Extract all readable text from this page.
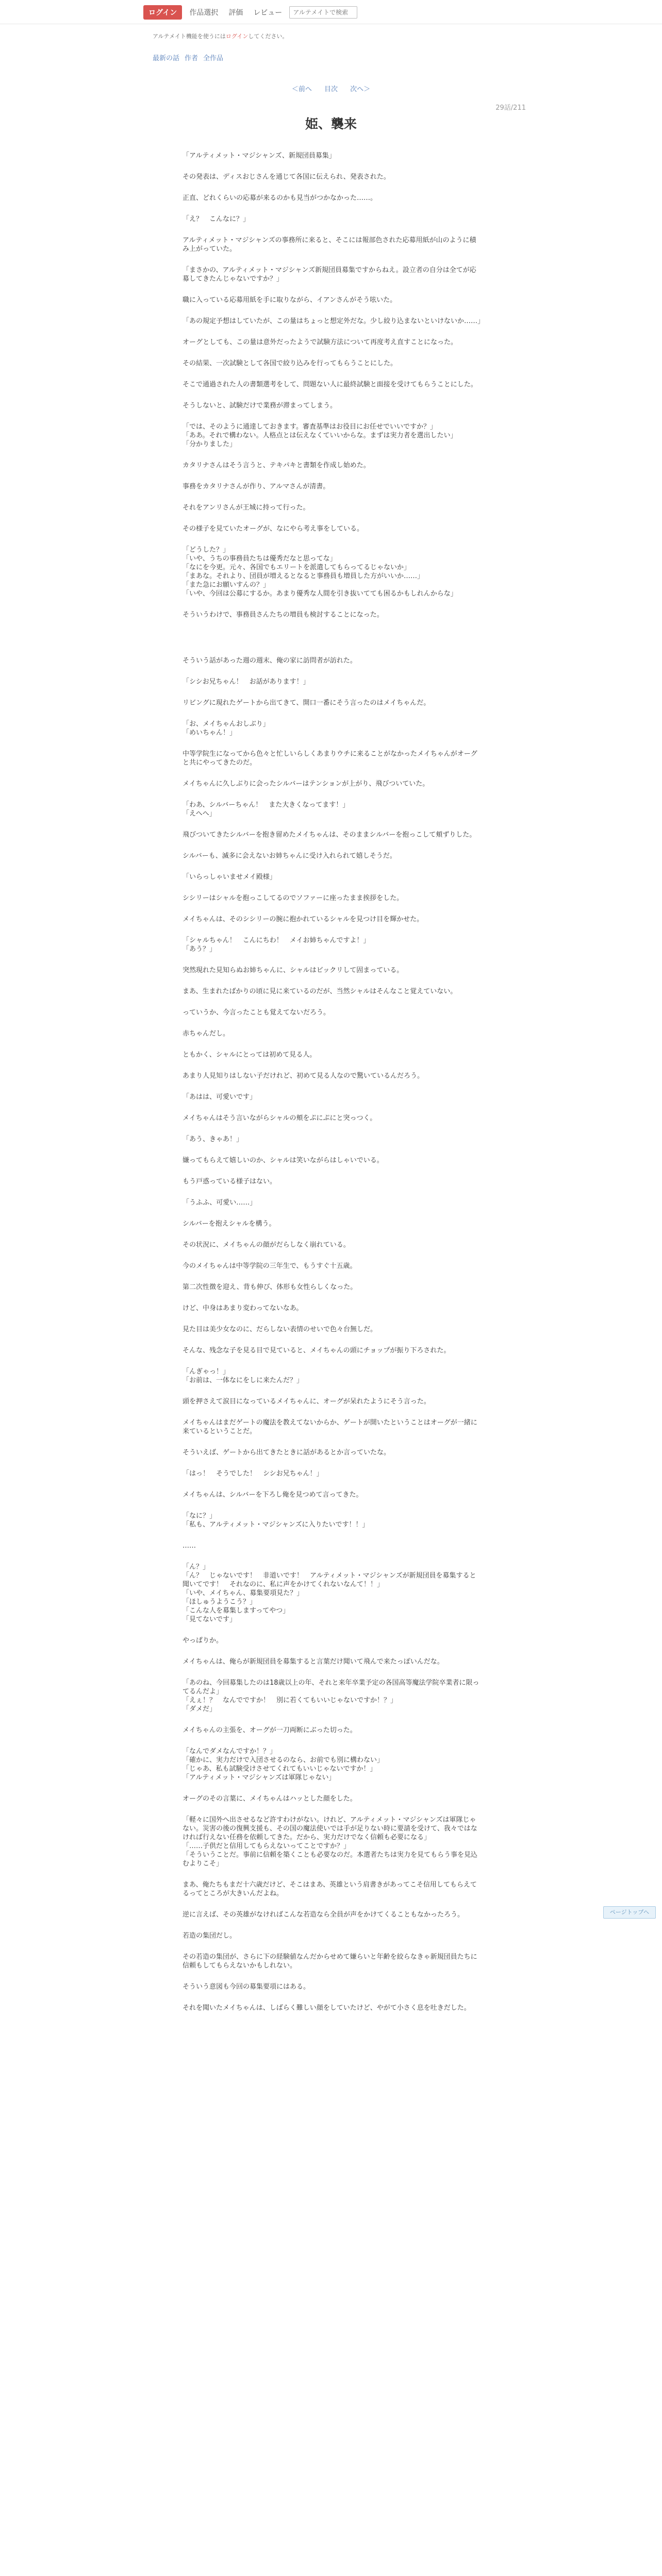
ログイン	作品選択	評価	レビュー
アルテメイトで検索
アルテメイト機能を使うにはログインしてください。
最新の話 作者 全作品
＜前へ 目次 次へ＞
29話/211
姫、襲来

「アルティメット・マジシャンズ、新規団員募集」

その発表は、ディスおじさんを通じて各国に伝えられ、発表された。

正直、どれくらいの応募が来るのかも見当がつかなかった……。

「え？　こんなに？」

アルティメット・マジシャンズの事務所に来ると、そこには報部色された応募用紙が山のように積み上がっていた。

「まさかの、アルティメット・マジシャンズ新規団員募集ですからねえ。設立者の自分は全てが応募してきたんじゃないですか？」

職に入っている応募用紙を手に取りながら、イアンさんがそう呟いた。

「あの規定予想はしていたが、この量はちょっと想定外だな。少し絞り込まないといけないか……」

オーグとしても、この量は意外だったようで試験方法について再度考え直すことになった。

その結果、一次試験として各国で絞り込みを行ってもらうことにした。

そこで通過された人の書類選考をして、問題ない人に最終試験と面接を受けてもらうことにした。

そうしないと、試験だけで業務が滞まってしまう。

「では、そのように通達しておきます。審査基準はお役目にお任せでいいですか？」
「ああ。それで構わない。人格点とは伝えなくていいからな。まずは実力者を選出したい」
「分かりました」

カタリナさんはそう言うと、テキパキと書類を作成し始めた。

事務をカタリナさんが作り、アルマさんが清書。

それをアンリさんが王城に持って行った。

その様子を見ていたオーグが、なにやら考え事をしている。

「どうした？」
「いや、うちの事務員たちは優秀だなと思ってな」
「なにを今更。元々、各国でもエリートを派遣してもらってるじゃないか」
「まあな。それより、団員が増えるとなると事務員も増員した方がいいか……」
「また急にお願いすんの？」
「いや、今回は公募にするか。あまり優秀な人間を引き抜いてても困るかもしれんからな」

そういうわけで、事務員さんたちの増員も検討することになった。

そういう話があった週の週末、俺の家に訪問者が訪れた。

「シシお兄ちゃん！　お話があります！」

リビングに現れたゲートから出てきて、開口一番にそう言ったのはメイちゃんだ。

「お、メイちゃんおしぶり」
「めいちゃん！」

中等学院生になってから色々と忙しいらしくあまりウチに来ることがなかったメイちゃんがオーグと共にやってきたのだ。

メイちゃんに久しぶりに会ったシルバーはテンションが上がり、飛びついていた。

「わあ、シルバーちゃん！　また大きくなってます！」
「えへへ」

飛びついてきたシルバーを抱き留めたメイちゃんは、そのままシルバーを抱っこして頬ずりした。

シルバーも、滅多に会えないお姉ちゃんに受け入れられて嬉しそうだ。

「いらっしゃいませメイ殿様」

シシリーはシャルを抱っこしてるのでソファーに座ったまま挨拶をした。

メイちゃんは、そのシシリーの腕に抱かれているシャルを見つけ目を輝かせた。

「シャルちゃん！　こんにちわ！　メイお姉ちゃんですよ！」
「あう？」

突然現れた見知らぬお姉ちゃんに、シャルはビックリして固まっている。

まあ、生まれたばかりの頃に見に来ているのだが、当然シャルはそんなこと覚えていない。

っていうか、今言ったことも覚えてないだろう。

赤ちゃんだし。

ともかく、シャルにとっては初めて見る人。

あまり人見知りはしない子だけれど、初めて見る人なので驚いているんだろう。

「あはは、可愛いです」

メイちゃんはそう言いながらシャルの頬をぷにぷにと突っつく。

「あう、きゃあ！」

嫌ってもらえて嬉しいのか、シャルは笑いながらはしゃいでいる。

もう戸惑っている様子はない。

「うふふ、可愛い……」

シルバーを抱えシャルを構う。

その状況に、メイちゃんの顔がだらしなく崩れている。

今のメイちゃんは中等学院の三年生で、もうすぐ十五歳。

第二次性徴を迎え、背も伸び、体形も女性らしくなった。

けど、中身はあまり変わってないなあ。

見た目は美少女なのに、だらしない表情のせいで色々台無しだ。

そんな、残念な子を見る目で見ていると、メイちゃんの頭にチョップが振り下ろされた。

「んぎゃっ！」
「お前は、一体なにをしに来たんだ？」

頭を押さえて涙目になっているメイちゃんに、オーグが呆れたようにそう言った。

メイちゃんはまだゲートの魔法を教えてないからか、ゲートが開いたということはオーグが一緒に来ているということだ。

そういえば、ゲートから出てきたときに話があるとか言っていたな。

「はっ！　そうでした！　シシお兄ちゃん！」

メイちゃんは、シルバーを下ろし俺を見つめて言ってきた。

「なに？」
「私も、アルティメット・マジシャンズに入りたいです！！」

……

「ん？」
「ん？　じゃないです！　非道いです！　アルティメット・マジシャンズが新規団員を募集すると聞いてです！　それなのに、私に声をかけてくれないなんて！！」
「いや、メイちゃん、募集要項見た？」
「ほしゅうようこう？」
「こんな人を募集しますってやつ」
「見てないです」

やっぱりか。

メイちゃんは、俺らが新規団員を募集すると言葉だけ聞いて飛んで来たっぽいんだな。

「あのね、今回募集したのは18歳以上の年、それと来年卒業予定の各国高等魔法学院卒業者に限ってるんだよ」
「えぇ！？　なんでですか！　別に若くてもいいじゃないですか！？」
「ダメだ」

メイちゃんの主張を、オーグが一刀両断にぶった切った。

「なんでダメなんですか！？」
「確かに、実力だけで入団させるのなら、お前でも別に構わない」
「じゃあ、私も試験受けさせてくれてもいいじゃないですか！」
「アルティメット・マジシャンズは軍隊じゃない」

オーグのその言葉に、メイちゃんはハッとした顔をした。

「軽々に国外へ出させるなど許すわけがない。けれど、アルティメット・マジシャンズは軍隊じゃない。災害の後の復興支援も、その国の魔法使いでは手が足りない時に要請を受けて、我々ではなければ行えない任務を依頼してきた。だから、実力だけでなく信頼も必要になる」
「……子供だと信用してもらえないってことですか？」
「そういうことだ。事前に信頼を築くことも必要なのだ。本選者たちは実力を見てもらう事を見込むよりこそ」

まあ、俺たちもまだ十六歳だけど、そこはまあ、英雄という肩書きがあってこそ信用してもらえてるってところが大きいんだよね。

逆に言えば、その英雄がなければこんな若造なら全員が声をかけてくることもなかったろう。

若造の集団だし。

その若造の集団が、さらに下の経験値なんだからせめて嫌らいと年齢を絞らなきゃ新規団員たちに信頼もしてもらえないかもしれない。

そういう意図も今回の募集要項にはある。

それを聞いたメイちゃんは、しばらく難しい顔をしていたけど、やがて小さく息を吐きだした。

ページトップへ
